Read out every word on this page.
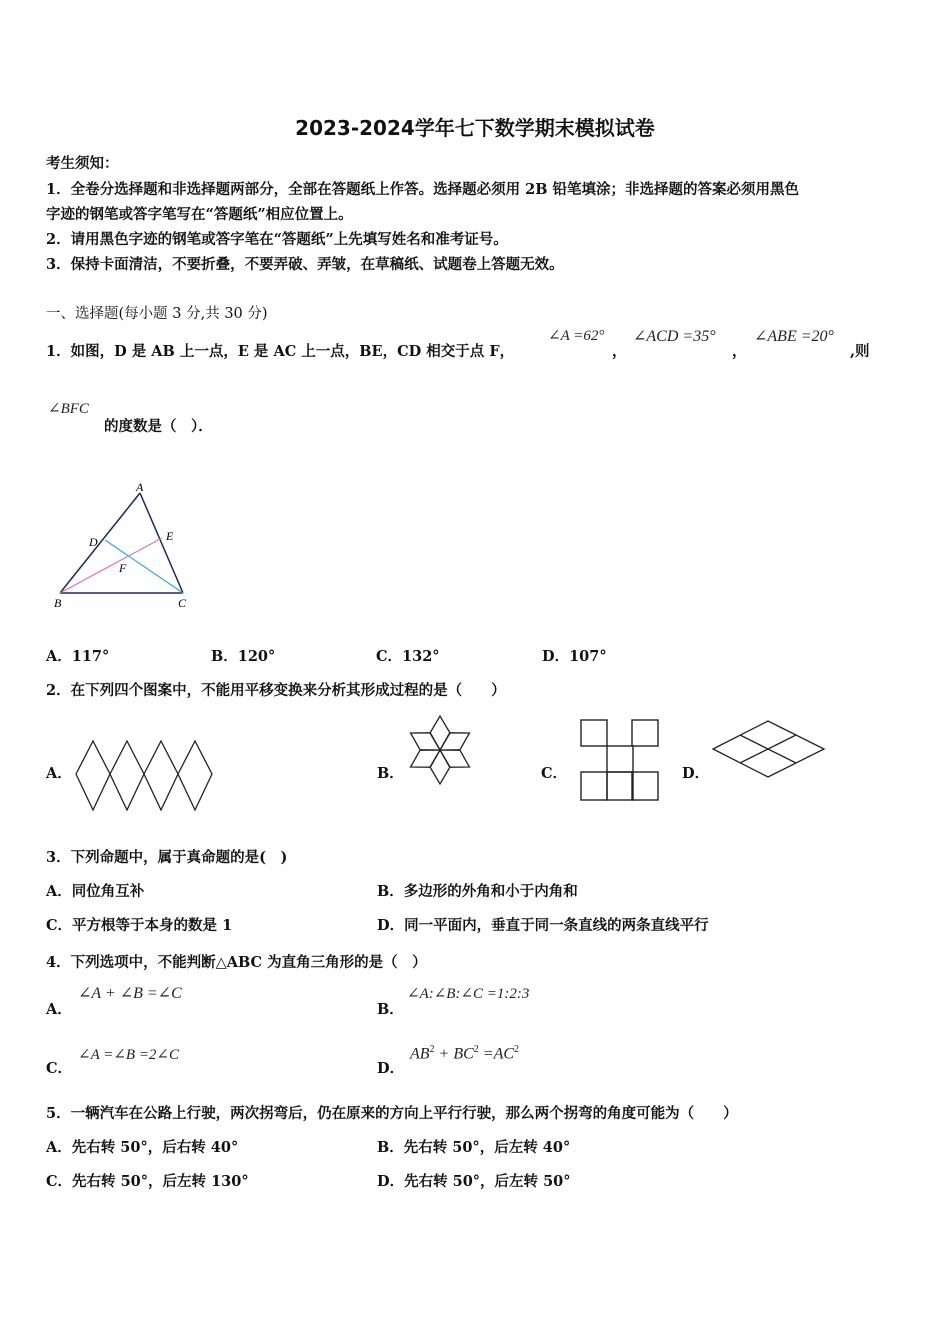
2023-2024学年七下数学期末模拟试卷
考生须知：
1．全卷分选择题和非选择题两部分，全部在答题纸上作答。选择题必须用 2B 铅笔填涂；非选择题的答案必须用黑色
字迹的钢笔或答字笔写在“答题纸”相应位置上。
2．请用黑色字迹的钢笔或答字笔在“答题纸”上先填写姓名和准考证号。
3．保持卡面清洁，不要折叠，不要弄破、弄皱，在草稿纸、试题卷上答题无效。
一、选择题(每小题 3 分,共 30 分)
1．如图，D 是 AB 上一点，E 是 AC 上一点，BE，CD 相交于点 F，
∠A =62°
，
∠ACD =35°
，
∠ABE =20°
,则
∠BFC
的度数是（　）．
A
D	E
F
B	C
A．117°	B．120°	C．132°	D．107°
2．在下列四个图案中，不能用平移变换来分析其形成过程的是（　　）
A．	B．	C．	D．
3．下列命题中，属于真命题的是(　)
A．同位角互补	B．多边形的外角和小于内角和
C．平方根等于本身的数是 1	D．同一平面内，垂直于同一条直线的两条直线平行
4．下列选项中，不能判断△ABC 为直角三角形的是（　）
A．
∠A + ∠B =∠C
B．
∠A:∠B:∠C =1:2:3
C．
∠A =∠B =2∠C
D．
$AB^2 + BC^2 =AC^2$
5．一辆汽车在公路上行驶，两次拐弯后，仍在原来的方向上平行行驶，那么两个拐弯的角度可能为（　　）
A．先右转 50°，后右转 40°	B．先右转 50°，后左转 40°
C．先右转 50°，后左转 130°	D．先右转 50°，后左转 50°
